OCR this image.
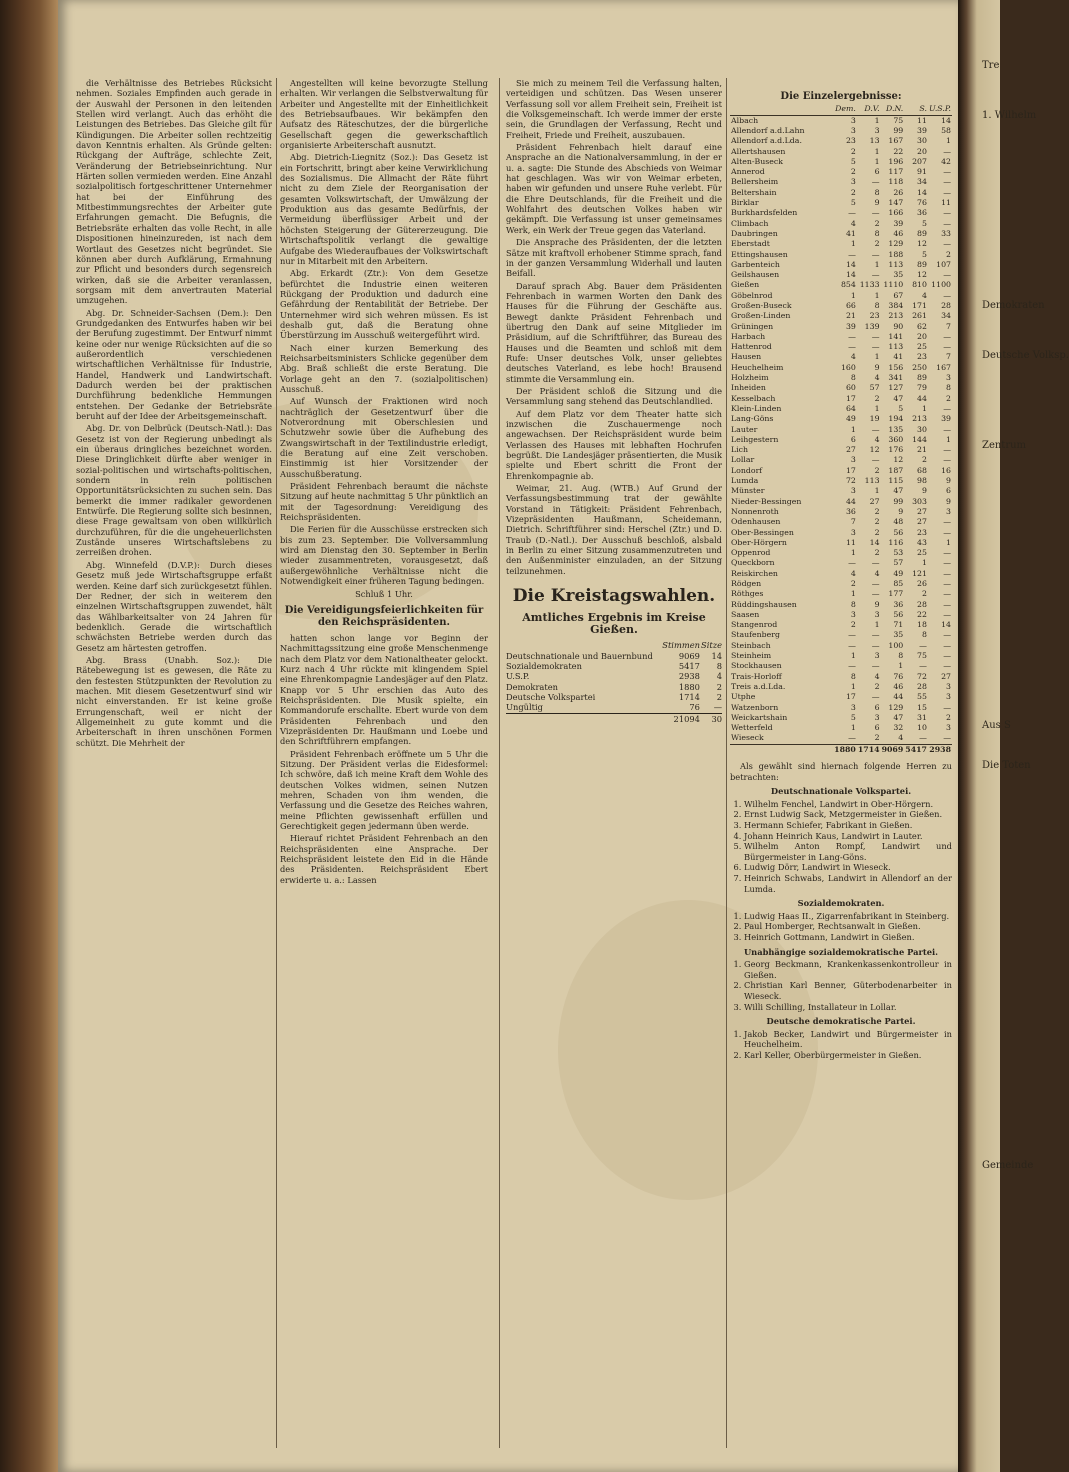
die Verhältnisse des Betriebes Rücksicht nehmen. Soziales Empfinden auch gerade in der Auswahl der Personen in den leitenden Stellen wird verlangt. Auch das erhöht die Leistungen des Betriebes. Das Gleiche gilt für Kündigungen. Die Arbeiter sollen rechtzeitig davon Kenntnis erhalten. Als Gründe gelten: Rückgang der Aufträge, schlechte Zeit, Veränderung der Betriebseinrichtung. Nur Härten sollen vermieden werden. Eine Anzahl sozialpolitisch fortgeschrittener Unternehmer hat bei der Einführung des Mitbestimmungsrechtes der Arbeiter gute Erfahrungen gemacht. Die Befugnis, die Betriebsräte erhalten das volle Recht, in alle Dispositionen hineinzureden, ist nach dem Wortlaut des Gesetzes nicht begründet. Sie können aber durch Aufklärung, Ermahnung zur Pflicht und besonders durch segensreich wirken, daß sie die Arbeiter veranlassen, sorgsam mit dem anvertrauten Material umzugehen.

Abg. Dr. Schneider-Sachsen (Dem.): Den Grundgedanken des Entwurfes haben wir bei der Berufung zugestimmt. Der Entwurf nimmt keine oder nur wenige Rücksichten auf die so außerordentlich verschiedenen wirtschaftlichen Verhältnisse für Industrie, Handel, Handwerk und Landwirtschaft. Dadurch werden bei der praktischen Durchführung bedenkliche Hemmungen entstehen. Der Gedanke der Betriebsräte beruht auf der Idee der Arbeitsgemeinschaft.

Abg. Dr. von Delbrück (Deutsch-Natl.): Das Gesetz ist von der Regierung unbedingt als ein überaus dringliches bezeichnet worden. Diese Dringlichkeit dürfte aber weniger in sozial-politischen und wirtschafts-politischen, sondern in rein politischen Opportunitätsrücksichten zu suchen sein. Das bemerkt die immer radikaler gewordenen Entwürfe. Die Regierung sollte sich besinnen, diese Frage gewaltsam von oben willkürlich durchzuführen, für die die ungeheuerlichsten Zustände unseres Wirtschaftslebens zu zerreißen drohen.

Abg. Winnefeld (D.V.P.): Durch dieses Gesetz muß jede Wirtschaftsgruppe erfaßt werden. Keine darf sich zurückgesetzt fühlen. Der Redner, der sich in weiterem den einzelnen Wirtschaftsgruppen zuwendet, hält das Wählbarkeitsalter von 24 Jahren für bedenklich. Gerade die wirtschaftlich schwächsten Betriebe werden durch das Gesetz am härtesten getroffen.

Abg. Brass (Unabh. Soz.): Die Rätebewegung ist es gewesen, die Räte zu den festesten Stützpunkten der Revolution zu machen. Mit diesem Gesetzentwurf sind wir nicht einverstanden. Er ist keine große Errungenschaft, weil er nicht der Allgemeinheit zu gute kommt und die Arbeiterschaft in ihren unschönen Formen schützt. Die Mehrheit der

Angestellten will keine bevorzugte Stellung erhalten. Wir verlangen die Selbstverwaltung für Arbeiter und Angestellte mit der Einheitlichkeit des Betriebsaufbaues. Wir bekämpfen den Aufsatz des Räteschutzes, der die bürgerliche Gesellschaft gegen die gewerkschaftlich organisierte Arbeiterschaft ausnutzt.

Abg. Dietrich-Liegnitz (Soz.): Das Gesetz ist ein Fortschritt, bringt aber keine Verwirklichung des Sozialismus. Die Allmacht der Räte führt nicht zu dem Ziele der Reorganisation der gesamten Volkswirtschaft, der Umwälzung der Produktion aus das gesamte Bedürfnis, der Vermeidung überflüssiger Arbeit und der höchsten Steigerung der Gütererzeugung. Die Wirtschaftspolitik verlangt die gewaltige Aufgabe des Wiederaufbaues der Volkswirtschaft nur in Mitarbeit mit den Arbeitern.

Abg. Erkardt (Ztr.): Von dem Gesetze befürchtet die Industrie einen weiteren Rückgang der Produktion und dadurch eine Gefährdung der Rentabilität der Betriebe. Der Unternehmer wird sich wehren müssen. Es ist deshalb gut, daß die Beratung ohne Überstürzung im Ausschuß weitergeführt wird.

Nach einer kurzen Bemerkung des Reichsarbeitsministers Schlicke gegenüber dem Abg. Braß schließt die erste Beratung. Die Vorlage geht an den 7. (sozialpolitischen) Ausschuß.

Auf Wunsch der Fraktionen wird noch nachträglich der Gesetzentwurf über die Notverordnung mit Oberschlesien und Schutzwehr sowie über die Aufhebung des Zwangswirtschaft in der Textilindustrie erledigt, die Beratung auf eine Zeit verschoben. Einstimmig ist hier Vorsitzender der Ausschußberatung.

Präsident Fehrenbach beraumt die nächste Sitzung auf heute nachmittag 5 Uhr pünktlich an mit der Tagesordnung: Vereidigung des Reichspräsidenten.

Die Ferien für die Ausschüsse erstrecken sich bis zum 23. September. Die Vollversammlung wird am Dienstag den 30. September in Berlin wieder zusammentreten, vorausgesetzt, daß außergewöhnliche Verhältnisse nicht die Notwendigkeit einer früheren Tagung bedingen.

Schluß 1 Uhr.

Die Vereidigungsfeierlichkeiten für den Reichspräsidenten.

hatten schon lange vor Beginn der Nachmittagssitzung eine große Menschenmenge nach dem Platz vor dem Nationaltheater gelockt. Kurz nach 4 Uhr rückte mit klingendem Spiel eine Ehrenkompagnie Landesjäger auf den Platz. Knapp vor 5 Uhr erschien das Auto des Reichspräsidenten. Die Musik spielte, ein Kommandorufe erschallte. Ebert wurde von dem Präsidenten Fehrenbach und den Vizepräsidenten Dr. Haußmann und Loebe und den Schriftführern empfangen.

Präsident Fehrenbach eröffnete um 5 Uhr die Sitzung. Der Präsident verlas die Eidesformel: Ich schwöre, daß ich meine Kraft dem Wohle des deutschen Volkes widmen, seinen Nutzen mehren, Schaden von ihm wenden, die Verfassung und die Gesetze des Reiches wahren, meine Pflichten gewissenhaft erfüllen und Gerechtigkeit gegen jedermann üben werde.

Hierauf richtet Präsident Fehrenbach an den Reichspräsidenten eine Ansprache. Der Reichspräsident leistete den Eid in die Hände des Präsidenten. Reichspräsident Ebert erwiderte u. a.: Lassen

Sie mich zu meinem Teil die Verfassung halten, verteidigen und schützen. Das Wesen unserer Verfassung soll vor allem Freiheit sein, Freiheit ist die Volksgemeinschaft. Ich werde immer der erste sein, die Grundlagen der Verfassung, Recht und Freiheit, Friede und Freiheit, auszubauen.

Präsident Fehrenbach hielt darauf eine Ansprache an die Nationalversammlung, in der er u. a. sagte: Die Stunde des Abschieds von Weimar hat geschlagen. Was wir von Weimar erbeten, haben wir gefunden und unsere Ruhe verlebt. Für die Ehre Deutschlands, für die Freiheit und die Wohlfahrt des deutschen Volkes haben wir gekämpft. Die Verfassung ist unser gemeinsames Werk, ein Werk der Treue gegen das Vaterland.

Die Ansprache des Präsidenten, der die letzten Sätze mit kraftvoll erhobener Stimme sprach, fand in der ganzen Versammlung Widerhall und lauten Beifall.

Darauf sprach Abg. Bauer dem Präsidenten Fehrenbach in warmen Worten den Dank des Hauses für die Führung der Geschäfte aus. Bewegt dankte Präsident Fehrenbach und übertrug den Dank auf seine Mitglieder im Präsidium, auf die Schriftführer, das Bureau des Hauses und die Beamten und schloß mit dem Rufe: Unser deutsches Volk, unser geliebtes deutsches Vaterland, es lebe hoch! Brausend stimmte die Versammlung ein.

Der Präsident schloß die Sitzung und die Versammlung sang stehend das Deutschlandlied.

Auf dem Platz vor dem Theater hatte sich inzwischen die Zuschauermenge noch angewachsen. Der Reichspräsident wurde beim Verlassen des Hauses mit lebhaften Hochrufen begrüßt. Die Landesjäger präsentierten, die Musik spielte und Ebert schritt die Front der Ehrenkompagnie ab.

Weimar, 21. Aug. (WTB.) Auf Grund der Verfassungsbestimmung trat der gewählte Vorstand in Tätigkeit: Präsident Fehrenbach, Vizepräsidenten Haußmann, Scheidemann, Dietrich. Schriftführer sind: Herschel (Ztr.) und D. Traub (D.-Natl.). Der Ausschuß beschloß, alsbald in Berlin zu einer Sitzung zusammenzutreten und den Außenminister einzuladen, an der Sitzung teilzunehmen.

Die Kreistagswahlen.
Amtliches Ergebnis im Kreise Gießen.
	Stimmen	Sitze
Deutschnationale und Bauernbund	9069	14
Sozialdemokraten	5417	8
U.S.P.	2938	4
Demokraten	1880	2
Deutsche Volkspartei	1714	2
Ungültig	76	—
	21094	30
Die Einzelergebnisse:
	Dem.	D.V.	D.N.	S.	U.S.P.
Albach	3	1	75	11	14
Allendorf a.d.Lahn	3	3	99	39	58
Allendorf a.d.Lda.	23	13	167	30	1
Allertshausen	2	1	22	20	—
Alten-Buseck	5	1	196	207	42
Annerod	2	6	117	91	—
Bellersheim	3	—	118	34	—
Beltershain	2	8	26	14	—
Birklar	5	9	147	76	11
Burkhardsfelden	—	—	166	36	—
Climbach	4	2	39	5	—
Daubringen	41	8	46	89	33
Eberstadt	1	2	129	12	—
Ettingshausen	—	—	188	5	2
Garbenteich	14	1	113	89	107
Geilshausen	14	—	35	12	—
Gießen	854	1133	1110	810	1100
Göbelnrod	1	1	67	4	—
Großen-Buseck	66	8	384	171	28
Großen-Linden	21	23	213	261	34
Grüningen	39	139	90	62	7
Harbach	—	—	141	20	—
Hattenrod	—	—	113	25	—
Hausen	4	1	41	23	7
Heuchelheim	160	9	156	250	167
Holzheim	8	4	341	89	3
Inheiden	60	57	127	79	8
Kesselbach	17	2	47	44	2
Klein-Linden	64	1	5	1	—
Lang-Göns	49	19	194	213	39
Lauter	1	—	135	30	—
Leihgestern	6	4	360	144	1
Lich	27	12	176	21	—
Lollar	3	—	12	2	—
Londorf	17	2	187	68	16
Lumda	72	113	115	98	9
Münster	3	1	47	9	6
Nieder-Bessingen	44	27	99	303	9
Nonnenroth	36	2	9	27	3
Odenhausen	7	2	48	27	—
Ober-Bessingen	3	2	56	23	—
Ober-Hörgern	11	14	116	43	1
Oppenrod	1	2	53	25	—
Queckborn	—	—	57	1	—
Reiskirchen	4	4	49	121	—
Rödgen	2	—	85	26	—
Röthges	1	—	177	2	—
Rüddingshausen	8	9	36	28	—
Saasen	3	3	56	22	—
Stangenrod	2	1	71	18	14
Staufenberg	—	—	35	8	—
Steinbach	—	—	100	—	—
Steinheim	1	3	8	75	—
Stockhausen	—	—	1	—	—
Trais-Horloff	8	4	76	72	27
Treis a.d.Lda.	1	2	46	28	3
Utphe	17	—	44	55	3
Watzenborn	3	6	129	15	—
Weickartshain	5	3	47	31	2
Wetterfeld	1	6	32	10	3
Wieseck	—	2	4	—	—
	1880	1714	9069	5417	2938
Als gewählt sind hiernach folgende Herren zu betrachten:
Deutschnationale Volkspartei.
1. Wilhelm Fenchel, Landwirt in Ober-Hörgern.
2. Ernst Ludwig Sack, Metzgermeister in Gießen.
3. Hermann Schiefer, Fabrikant in Gießen.
4. Johann Heinrich Kaus, Landwirt in Lauter.
5. Wilhelm Anton Rompf, Landwirt und Bürgermeister in Lang-Göns.
6. Ludwig Dörr, Landwirt in Wieseck.
7. Heinrich Schwabs, Landwirt in Allendorf an der Lumda.
Sozialdemokraten.
1. Ludwig Haas II., Zigarrenfabrikant in Steinberg.
2. Paul Homberger, Rechtsanwalt in Gießen.
3. Heinrich Gottmann, Landwirt in Gießen.
Unabhängige sozialdemokratische Partei.
1. Georg Beckmann, Krankenkassenkontrolleur in Gießen.
2. Christian Karl Benner, Güterbodenarbeiter in Wieseck.
3. Willi Schilling, Installateur in Lollar.
Deutsche demokratische Partei.
1. Jakob Becker, Landwirt und Bürgermeister in Heuchelheim.
2. Karl Keller, Oberbürgermeister in Gießen.
Tre
1. Wilhelm
Demokraten
Deutsche Volksp.
Zentrum
Aus S
Die Toten
Gemeinde
